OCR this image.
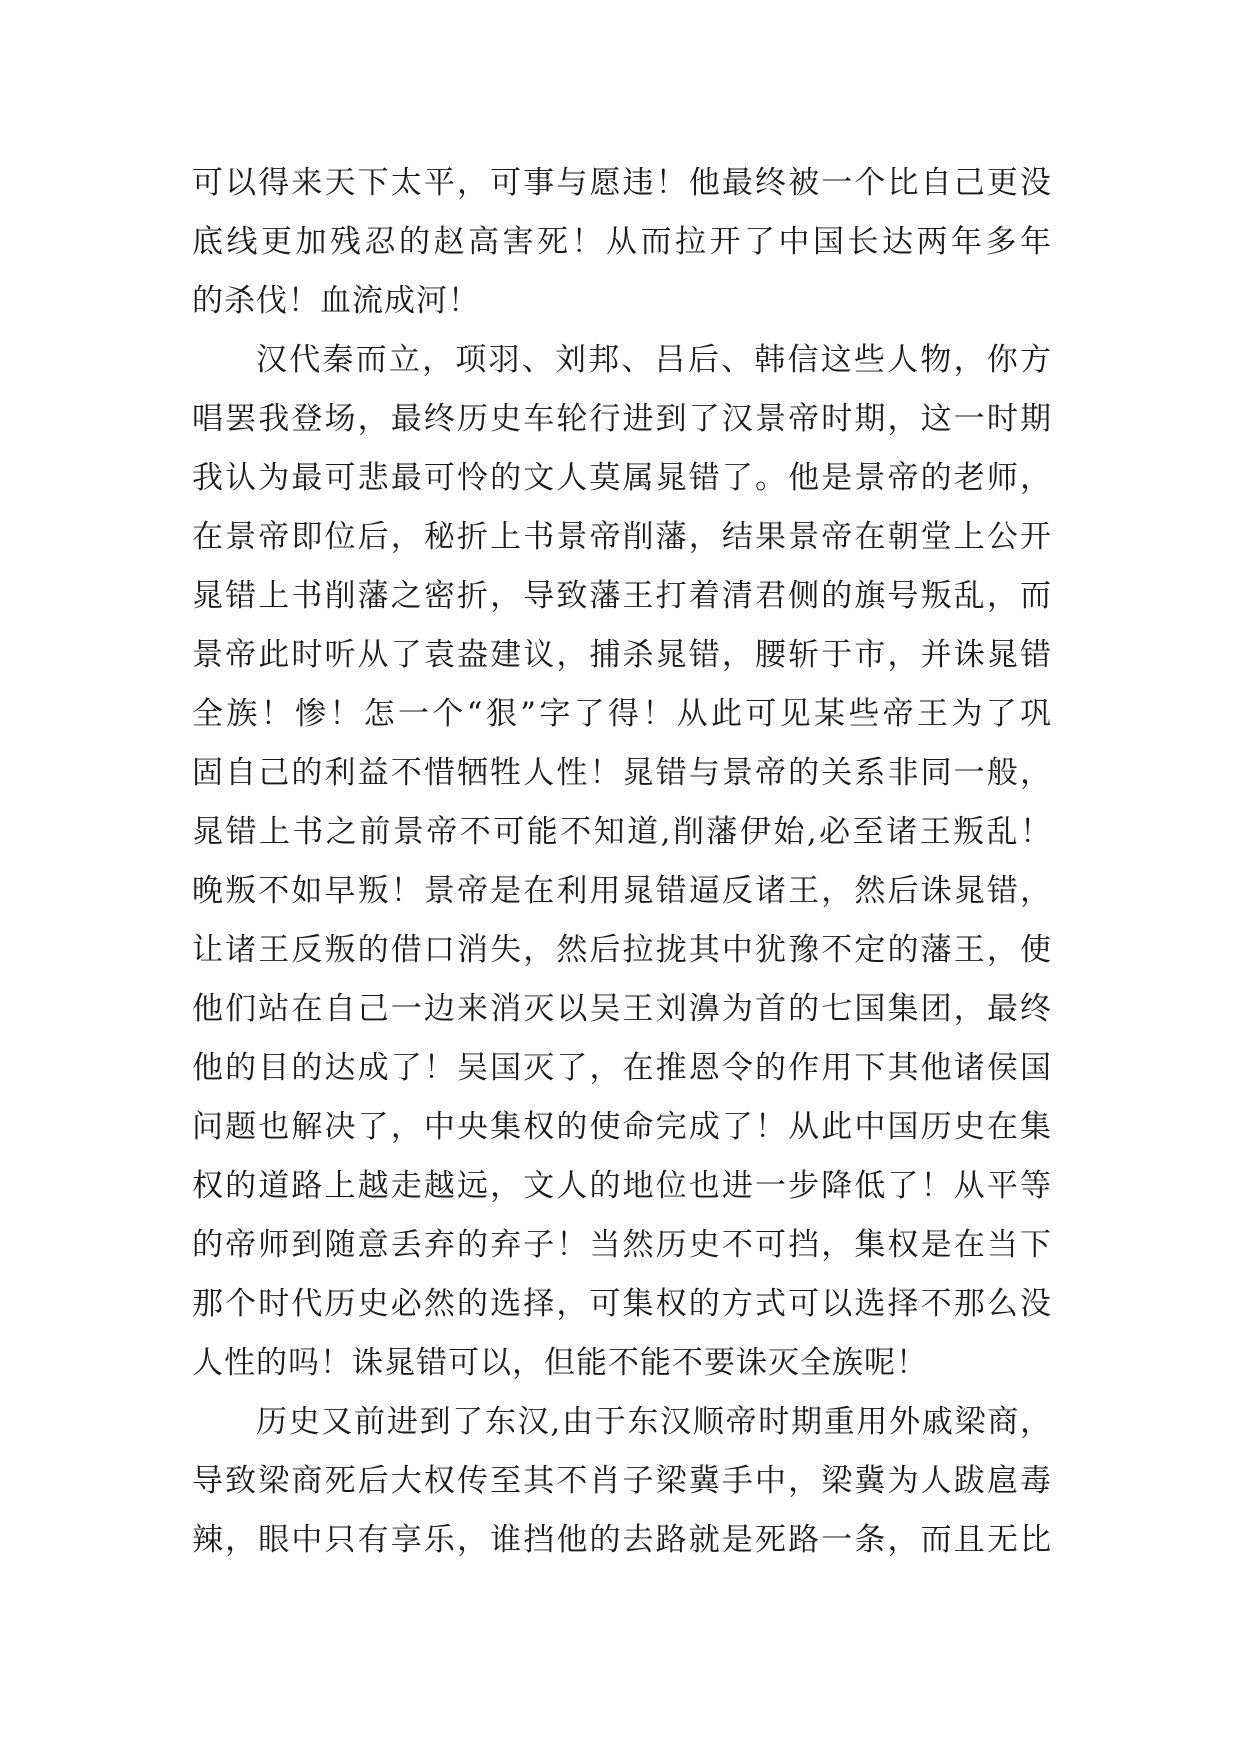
可以得来天下太平，可事与愿违！他最终被一个比自己更没
底线更加残忍的赵高害死！从而拉开了中国长达两年多年
的杀伐！血流成河！
汉代秦而立，项羽、刘邦、吕后、韩信这些人物，你方
唱罢我登场，最终历史车轮行进到了汉景帝时期，这一时期
我认为最可悲最可怜的文人莫属晁错了。他是景帝的老师，
在景帝即位后，秘折上书景帝削藩，结果景帝在朝堂上公开
晁错上书削藩之密折，导致藩王打着清君侧的旗号叛乱，而
景帝此时听从了袁盎建议，捕杀晁错，腰斩于市，并诛晁错
全族！惨！怎一个“狠”字了得！从此可见某些帝王为了巩
固自己的利益不惜牺牲人性！晁错与景帝的关系非同一般，
晁错上书之前景帝不可能不知道,削藩伊始,必至诸王叛乱！
晚叛不如早叛！景帝是在利用晁错逼反诸王，然后诛晁错，
让诸王反叛的借口消失，然后拉拢其中犹豫不定的藩王，使
他们站在自己一边来消灭以吴王刘濞为首的七国集团，最终
他的目的达成了！吴国灭了，在推恩令的作用下其他诸侯国
问题也解决了，中央集权的使命完成了！从此中国历史在集
权的道路上越走越远，文人的地位也进一步降低了！从平等
的帝师到随意丢弃的弃子！当然历史不可挡，集权是在当下
那个时代历史必然的选择，可集权的方式可以选择不那么没
人性的吗！诛晁错可以，但能不能不要诛灭全族呢！
历史又前进到了东汉,由于东汉顺帝时期重用外戚梁商，
导致梁商死后大权传至其不肖子梁冀手中，梁冀为人跋扈毒
辣，眼中只有享乐，谁挡他的去路就是死路一条，而且无比
